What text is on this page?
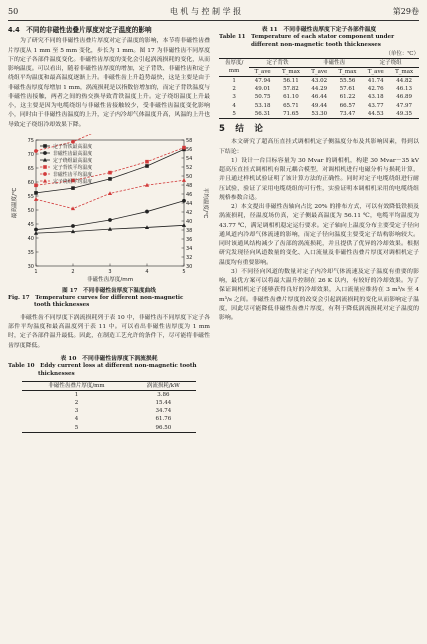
50	电 机 与 控 制 学 报	第29卷
4.4　不同的非磁性齿叠片厚度对定子温度的影响

为了研究不同的非磁性齿叠片厚度对定子温度的影响，本节将非磁性齿叠片厚度从 1 mm 至 5 mm 变化，步长为 1 mm。图 17 为非磁性齿不同厚度下的定子各部件温度变化。非磁性齿厚度的变化会引起涡流损耗的变化，从而影响温度。可以看出，随着非磁性齿厚度的增加，定子背铁、非磁性齿和定子绕组平均温度和最高温度逐渐上升。非磁性齿上升趋势最快，这是主要是由于非磁性齿厚度每增加 1 mm，涡流损耗是以指数倍增加的，而定子背铁温度与非磁性齿接触，两者之间的热交换导致背铁温度上升。定子绕组温度上升最小，这主要是因为电缆绕组与非磁性齿接触较少，受非磁性齿温度变化影响小，同时由于非磁性齿温度的上升，定子内冷却气体温度升高，风温的上升也导致定子绕组冷却效果下降。

30
35
40
45
50
55
60
65
70
75
30
32
34
36
38
40
42
44
46
48
50
52
54
56
58
1	2	3	4	5
非磁性齿厚度/mm
最高温度/℃	平均温度/℃
定子背铁最高温度
非磁性齿最高温度
定子绕组最高温度
定子背铁平均温度
非磁性齿平均温度
定子绕组平均温度
图 17　不同非磁性齿厚度下温度曲线
Fig. 17　Temperature curves for different non-magnetic
tooth thicknesses

非磁性齿不同厚度下涡流损耗列于表 10 中，非磁性齿不同厚度下定子各部件平均温度和最高温度列于表 11 中。可以看出非磁性齿厚度为 1 mm 时，定子各部件温升最低。因此，在制造工艺允许的条件下，尽可能将非磁性齿厚度降低。

表 10　不同非磁性齿厚度下涡流损耗
Table 10　Eddy current loss at different non-magnetic tooth
thicknesses
非磁性齿叠片厚度/mm	涡流损耗/kW
1	3.86
2	15.44
3	34.74
4	61.76
5	96.50
表 11　不同非磁性齿厚度下定子各部件温度
Table 11　Temperature of each stator component under
different non-magnetic tooth thicknesses
（单位：℃）
齿厚度/
mm	定子背铁		非磁性齿		定子绕组	
	T_ave	T_max	T_ave	T_max	T_ave	T_max
1	47.94	56.11	43.02	55.56	41.74	44.82
2	49.01	57.82	44.29	57.61	42.76	46.13
3	50.75	61.10	46.44	61.22	43.18	46.89
4	53.18	65.71	49.44	66.57	43.77	47.97
5	56.31	71.65	53.30	73.47	44.53	49.35
5　结　论

本文研究了超高压直挂式调相机定子侧温度分布及其影响因素，得到以下结论：

1）设计一台目标容量为 30 Mvar 的调相机，构建 30 Mvar－35 kV 超高压直挂式调相机有限元耦合模型，对调相机进行电磁分析与损耗计算，并且通过样机试验证明了该计算方法的正确性。同时对定子电缆绕组进行耐压试验，验证了采用电缆绕组的可行性，实验证明本调相机采用的电缆绕组规格参数合适。

2）本文提出非磁性齿轴向占比 20% 的排布方式，可以有效降低铁损及涡流损耗，径温度场仿真，定子侧最高温度为 56.11 ℃，电缆平均温度为 43.77 ℃，满足调相机稳定运行要求。定子轴向上温度分布主要受定子径向通风道内冷却气体流速的影响，而定子径向温度主要受定子结构影响较大。同时该通风结构减少了齿部的涡流损耗，并且提供了优异的冷却效果。根据研究发现径向风道数量的变化、入口流量及非磁性齿叠片厚度对调相机定子温度均有重要影响。

3）不同径向风道的数量对定子内冷却气体流速及定子温度有重要的影响，最优方案可以将最大温升控制在 26 K 以内，有较好的冷却效果。为了保证调相机定子能够获得良好的冷却效果，入口流量应维持在 3 m³/s 至 4 m³/s 之间。非磁性齿叠片厚度的改变会引起涡流损耗的变化从而影响定子温度，因此尽可能降低非磁性齿叠片厚度，有利于降低涡流损耗对定子温度的影响。
